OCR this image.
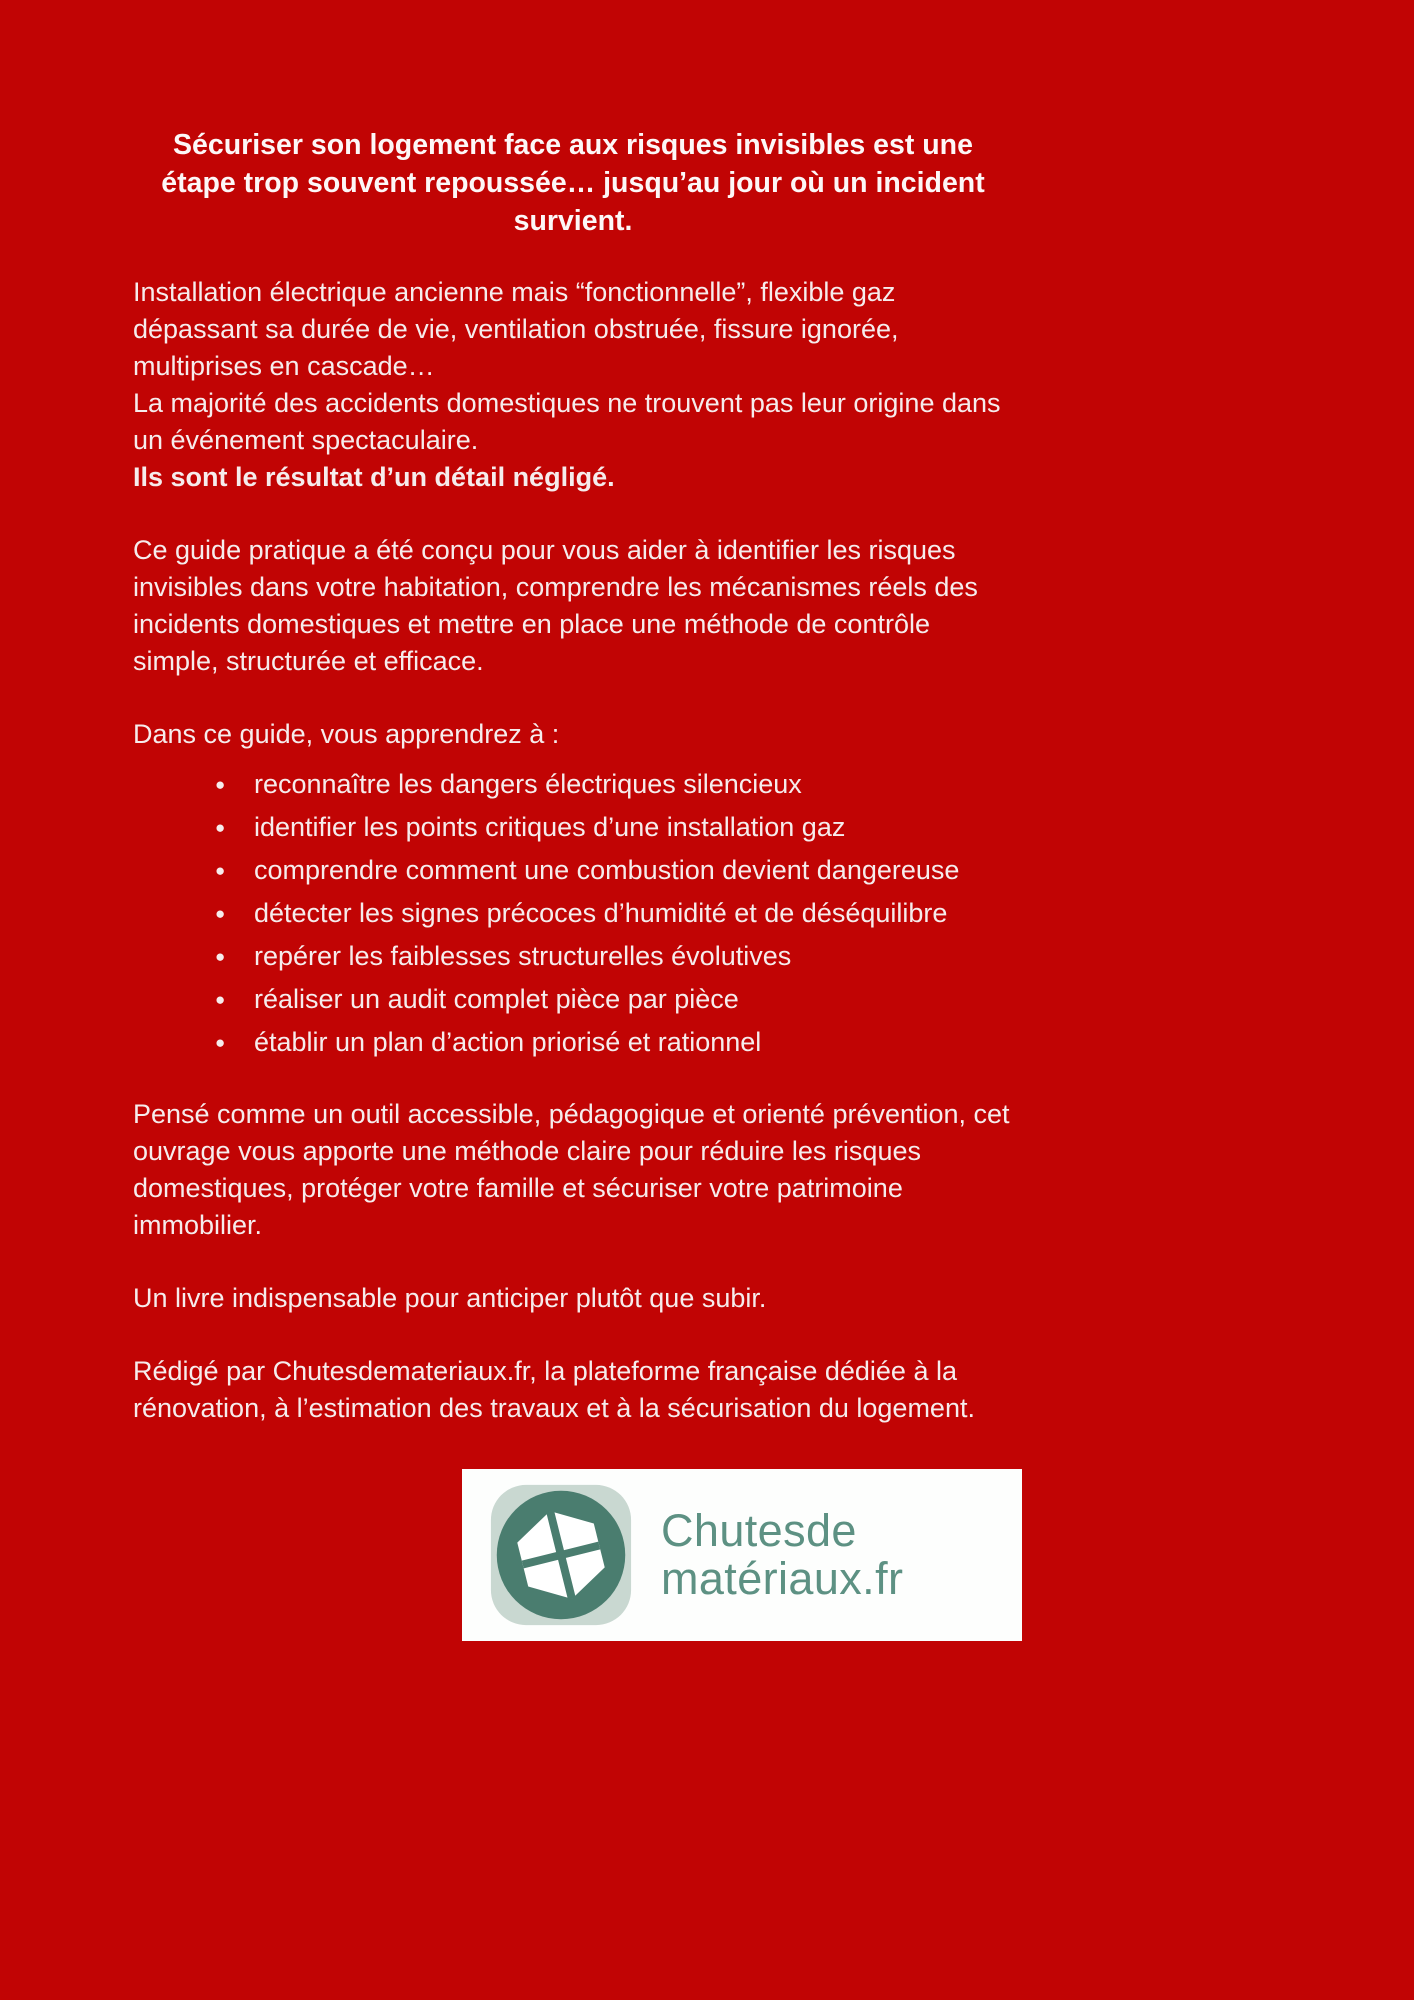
Sécuriser son logement face aux risques invisibles est une étape trop souvent repoussée… jusqu’au jour où un incident survient.

Installation électrique ancienne mais “fonctionnelle”, flexible gaz dépassant sa durée de vie, ventilation obstruée, fissure ignorée, multiprises en cascade…

La majorité des accidents domestiques ne trouvent pas leur origine dans un événement spectaculaire.

Ils sont le résultat d’un détail négligé.

Ce guide pratique a été conçu pour vous aider à identifier les risques invisibles dans votre habitation, comprendre les mécanismes réels des incidents domestiques et mettre en place une méthode de contrôle simple, structurée et efficace.

Dans ce guide, vous apprendrez à :

● reconnaître les dangers électriques silencieux
● identifier les points critiques d’une installation gaz
● comprendre comment une combustion devient dangereuse
● détecter les signes précoces d’humidité et de déséquilibre
● repérer les faiblesses structurelles évolutives
● réaliser un audit complet pièce par pièce
● établir un plan d’action priorisé et rationnel

Pensé comme un outil accessible, pédagogique et orienté prévention, cet ouvrage vous apporte une méthode claire pour réduire les risques domestiques, protéger votre famille et sécuriser votre patrimoine immobilier.

Un livre indispensable pour anticiper plutôt que subir.

Rédigé par Chutesdemateriaux.fr, la plateforme française dédiée à la rénovation, à l’estimation des travaux et à la sécurisation du logement.

Chutesde
matériaux.fr
